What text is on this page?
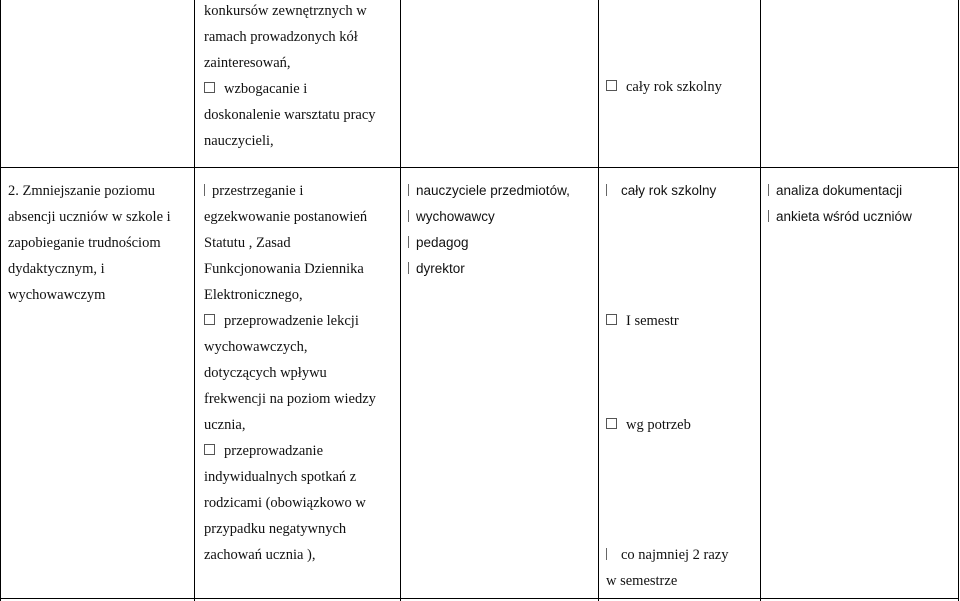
konkursów zewnętrznych w
ramach prowadzonych kół
zainteresowań,
wzbogacanie i
doskonalenie warsztatu pracy
nauczycieli,
cały rok szkolny
2. Zmniejszanie poziomu
absencji uczniów w szkole i
zapobieganie trudnościom
dydaktycznym, i
wychowawczym
przestrzeganie i
egzekwowanie postanowień
Statutu , Zasad
Funkcjonowania Dziennika
Elektronicznego,
przeprowadzenie lekcji
wychowawczych,
dotyczących wpływu
frekwencji na poziom wiedzy
ucznia,
przeprowadzanie
indywidualnych spotkań z
rodzicami (obowiązkowo w
przypadku negatywnych
zachowań ucznia ),
nauczyciele przedmiotów,
wychowawcy
pedagog
dyrektor
cały rok szkolny
I semestr
wg potrzeb
co najmniej 2 razy
w semestrze
analiza dokumentacji
ankieta wśród uczniów
